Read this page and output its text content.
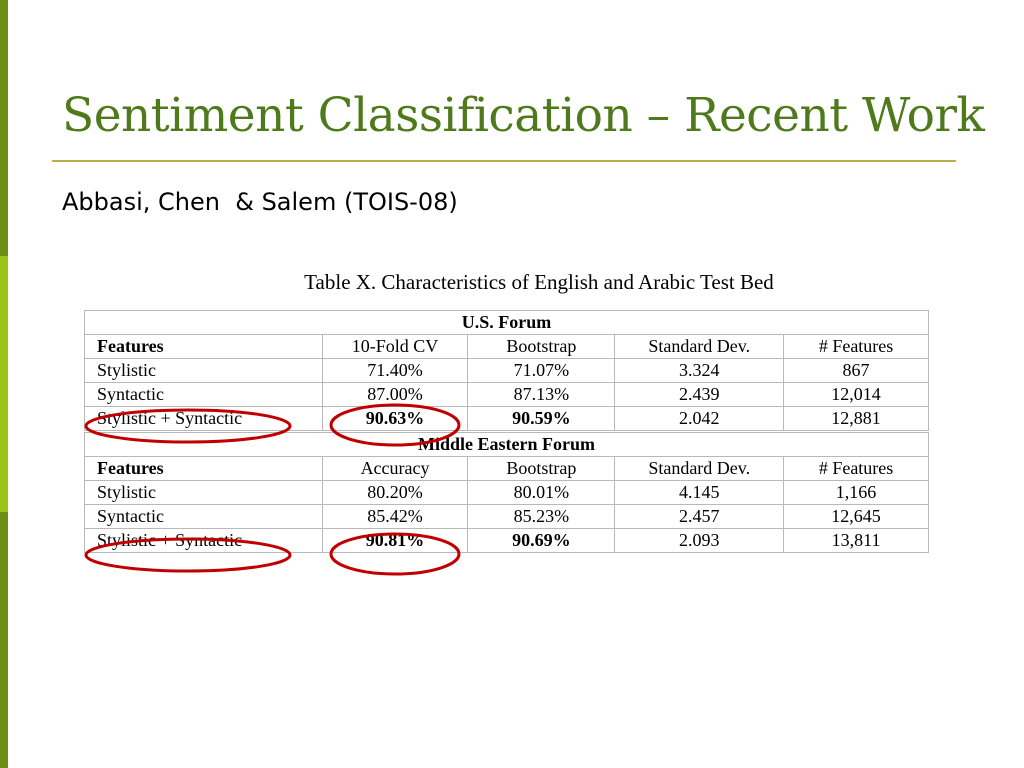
Sentiment Classification – Recent Work
Abbasi, Chen  & Salem (TOIS-08)
Table X. Characteristics of English and Arabic Test Bed
U.S. Forum				
Features	10-Fold CV	Bootstrap	Standard Dev.	# Features
Stylistic	71.40%	71.07%	3.324	867
Syntactic	87.00%	87.13%	2.439	12,014
Stylistic + Syntactic	90.63%	90.59%	2.042	12,881
Middle Eastern Forum				
Features	Accuracy	Bootstrap	Standard Dev.	# Features
Stylistic	80.20%	80.01%	4.145	1,166
Syntactic	85.42%	85.23%	2.457	12,645
Stylistic + Syntactic	90.81%	90.69%	2.093	13,811
